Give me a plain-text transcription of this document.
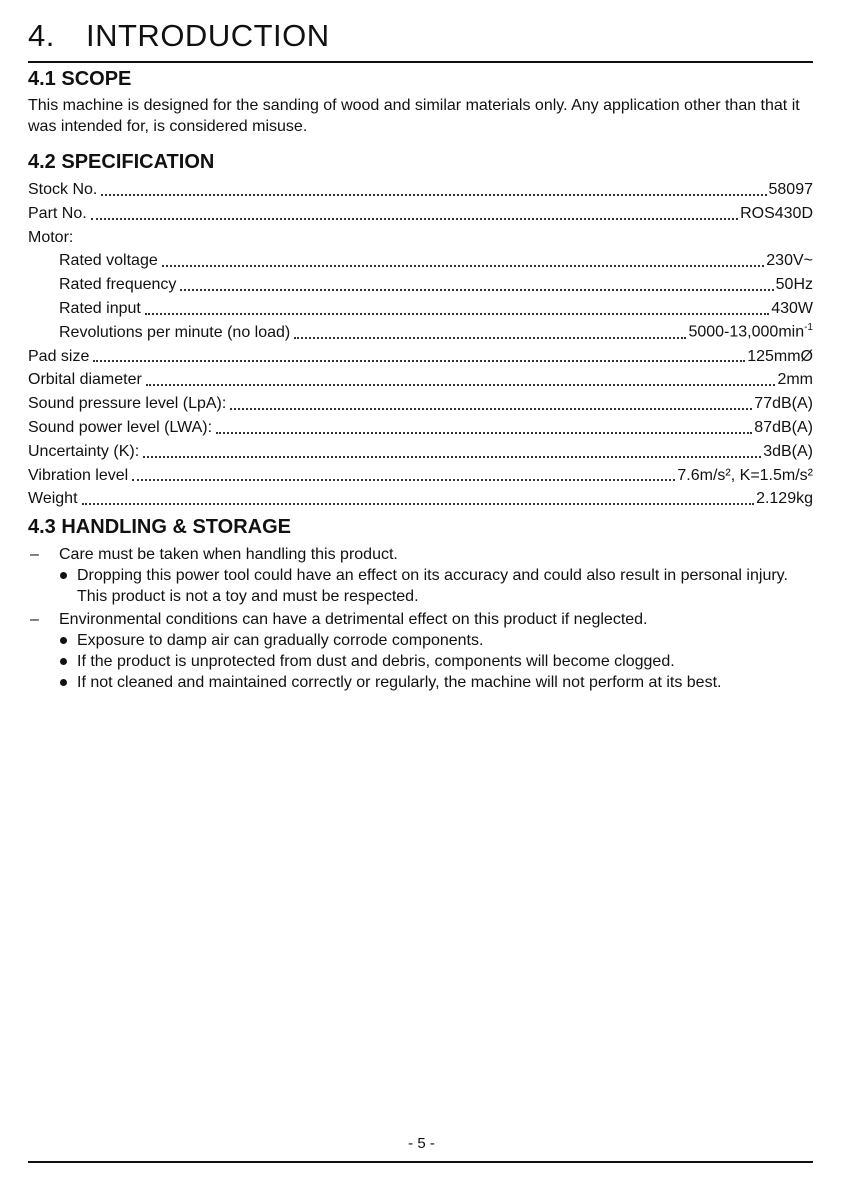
4. INTRODUCTION
4.1 SCOPE

This machine is designed for the sanding of wood and similar materials only. Any application other than that it was intended for, is considered misuse.

4.2 SPECIFICATION
Stock No.	58097
Part No.	ROS430D
Motor:
Rated voltage	230V~
Rated frequency	50Hz
Rated input	430W
Revolutions per minute (no load)	$5000-13,000\min^{-1}$
Pad size	125mmØ
Orbital diameter	2mm
Sound pressure level (LpA):	77dB(A)
Sound power level (LWA):	87dB(A)
Uncertainty (K):	3dB(A)
Vibration level	7.6m/s², K=1.5m/s²
Weight	2.129kg
4.3 HANDLING & STORAGE
– Care must be taken when handling this product.
Dropping this power tool could have an effect on its accuracy and could also result in personal injury. This product is not a toy and must be respected.
– Environmental conditions can have a detrimental effect on this product if neglected.
Exposure to damp air can gradually corrode components.
If the product is unprotected from dust and debris, components will become clogged.
If not cleaned and maintained correctly or regularly, the machine will not perform at its best.
- 5 -
